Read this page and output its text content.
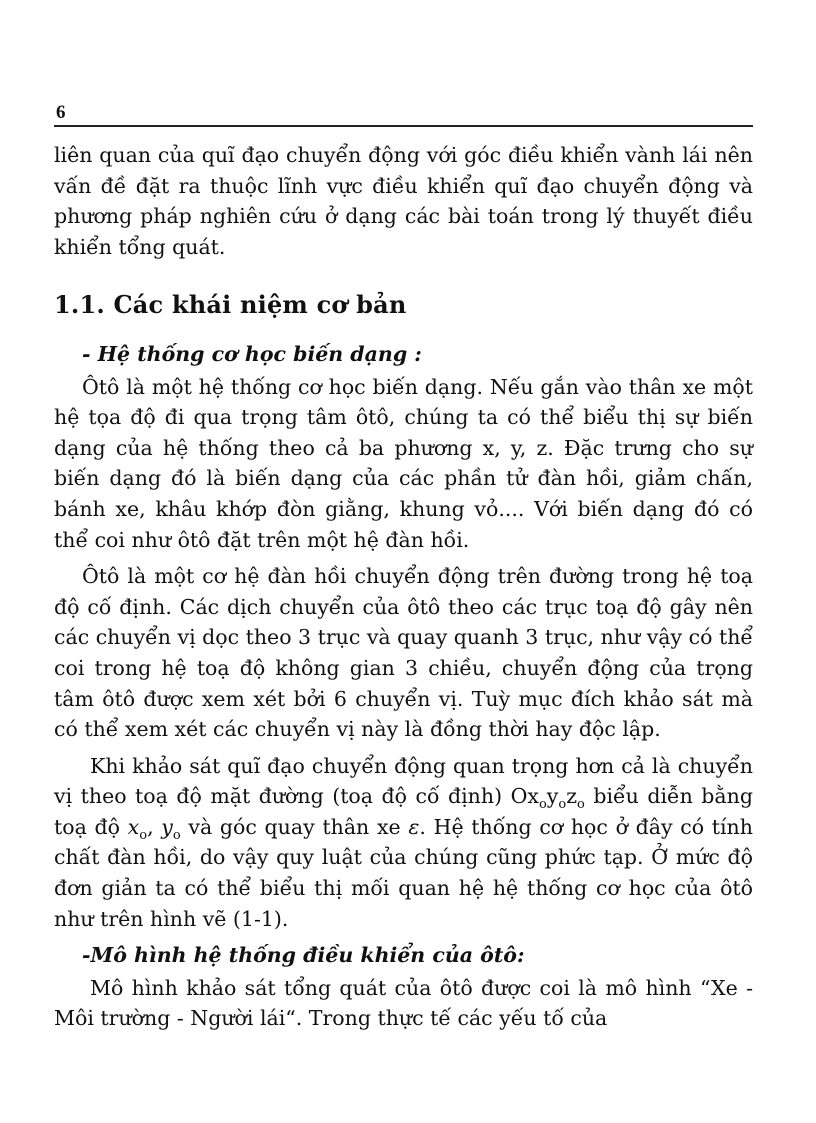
6

liên quan của quĩ đạo chuyển động với góc điều khiển vành lái nên vấn đề đặt ra thuộc lĩnh vực điều khiển quĩ đạo chuyển động và phương pháp nghiên cứu ở dạng các bài toán trong lý thuyết điều khiển tổng quát.

1.1. Các khái niệm cơ bản

- Hệ thống cơ học biến dạng :

Ôtô là một hệ thống cơ học biến dạng. Nếu gắn vào thân xe một hệ tọa độ đi qua trọng tâm ôtô, chúng ta có thể biểu thị sự biến dạng của hệ thống theo cả ba phương x, y, z. Đặc trưng cho sự biến dạng đó là biến dạng của các phần tử đàn hồi, giảm chấn, bánh xe, khâu khớp đòn giằng, khung vỏ.... Với biến dạng đó có thể coi như ôtô đặt trên một hệ đàn hồi.

Ôtô là một cơ hệ đàn hồi chuyển động trên đường trong hệ toạ độ cố định. Các dịch chuyển của ôtô theo các trục toạ độ gây nên các chuyển vị dọc theo 3 trục và quay quanh 3 trục, như vậy có thể coi trong hệ toạ độ không gian 3 chiều, chuyển động của trọng tâm ôtô được xem xét bởi 6 chuyển vị. Tuỳ mục đích khảo sát mà có thể xem xét các chuyển vị này là đồng thời hay độc lập.

Khi khảo sát quĩ đạo chuyển động quan trọng hơn cả là chuyển vị theo toạ độ mặt đường (toạ độ cố định) $Ox_oy_oz_o$ biểu diễn bằng toạ độ $x_o$, $y_o$ và góc quay thân xe ε. Hệ thống cơ học ở đây có tính chất đàn hồi, do vậy quy luật của chúng cũng phức tạp. Ở mức độ đơn giản ta có thể biểu thị mối quan hệ hệ thống cơ học của ôtô như trên hình vẽ (1-1).

-Mô hình hệ thống điều khiển của ôtô:

Mô hình khảo sát tổng quát của ôtô được coi là mô hình “Xe - Môi trường - Người lái“. Trong thực tế các yếu tố của
